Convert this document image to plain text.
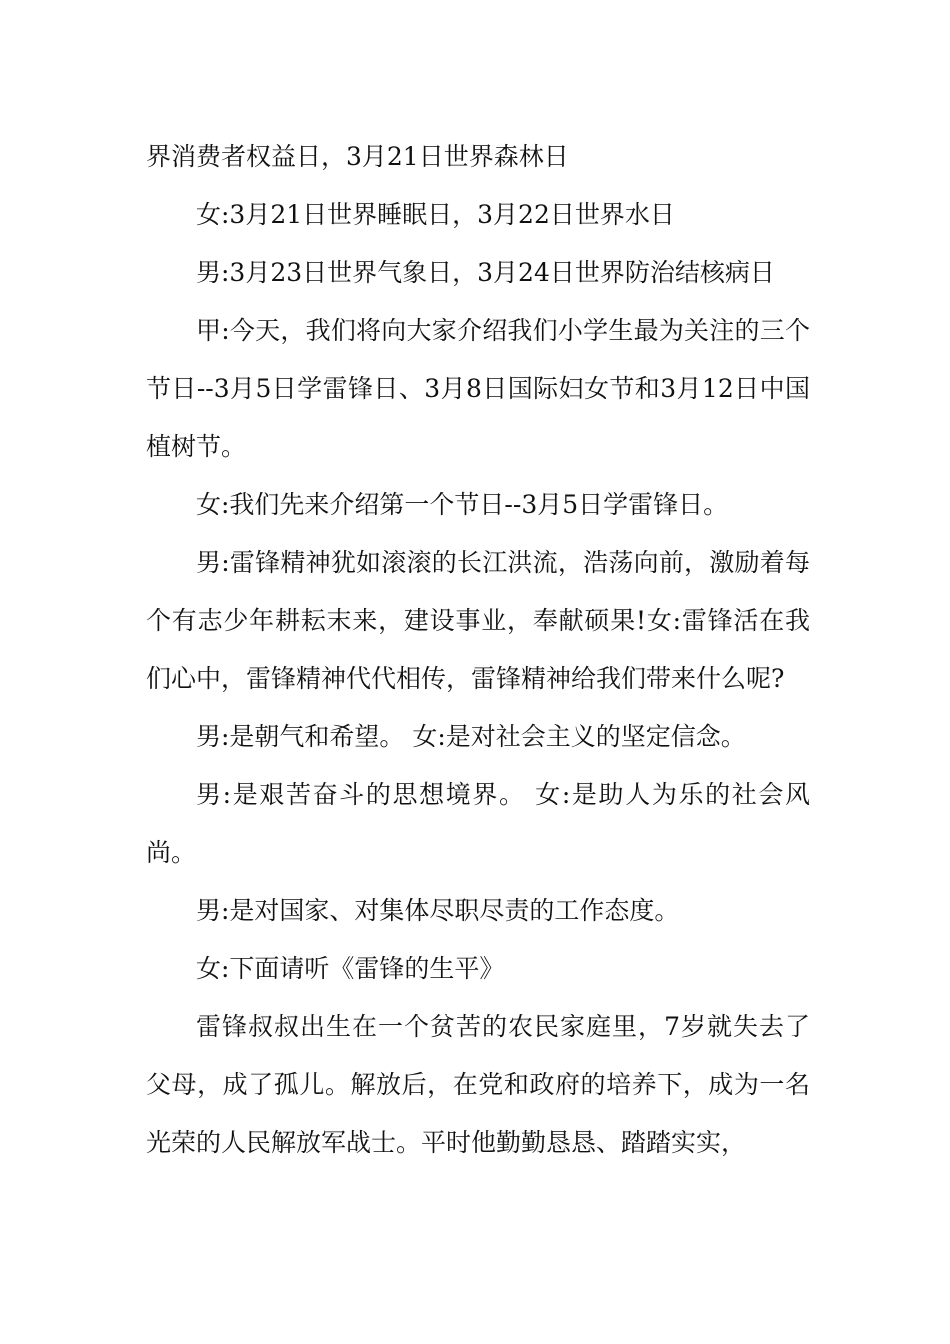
界消费者权益日，3月21日世界森林日

女:3月21日世界睡眠日，3月22日世界水日

男:3月23日世界气象日，3月24日世界防治结核病日

甲:今天，我们将向大家介绍我们小学生最为关注的三个节日--3月5日学雷锋日、3月8日国际妇女节和3月12日中国植树节。

女:我们先来介绍第一个节日--3月5日学雷锋日。

男:雷锋精神犹如滚滚的长江洪流，浩荡向前，激励着每个有志少年耕耘末来，建设事业，奉献硕果!女:雷锋活在我们心中，雷锋精神代代相传，雷锋精神给我们带来什么呢?

男:是朝气和希望。 女:是对社会主义的坚定信念。

男:是艰苦奋斗的思想境界。 女:是助人为乐的社会风尚。

男:是对国家、对集体尽职尽责的工作态度。

女:下面请听《雷锋的生平》

雷锋叔叔出生在一个贫苦的农民家庭里，7岁就失去了父母，成了孤儿。解放后，在党和政府的培养下，成为一名光荣的人民解放军战士。平时他勤勤恳恳、踏踏实实，
